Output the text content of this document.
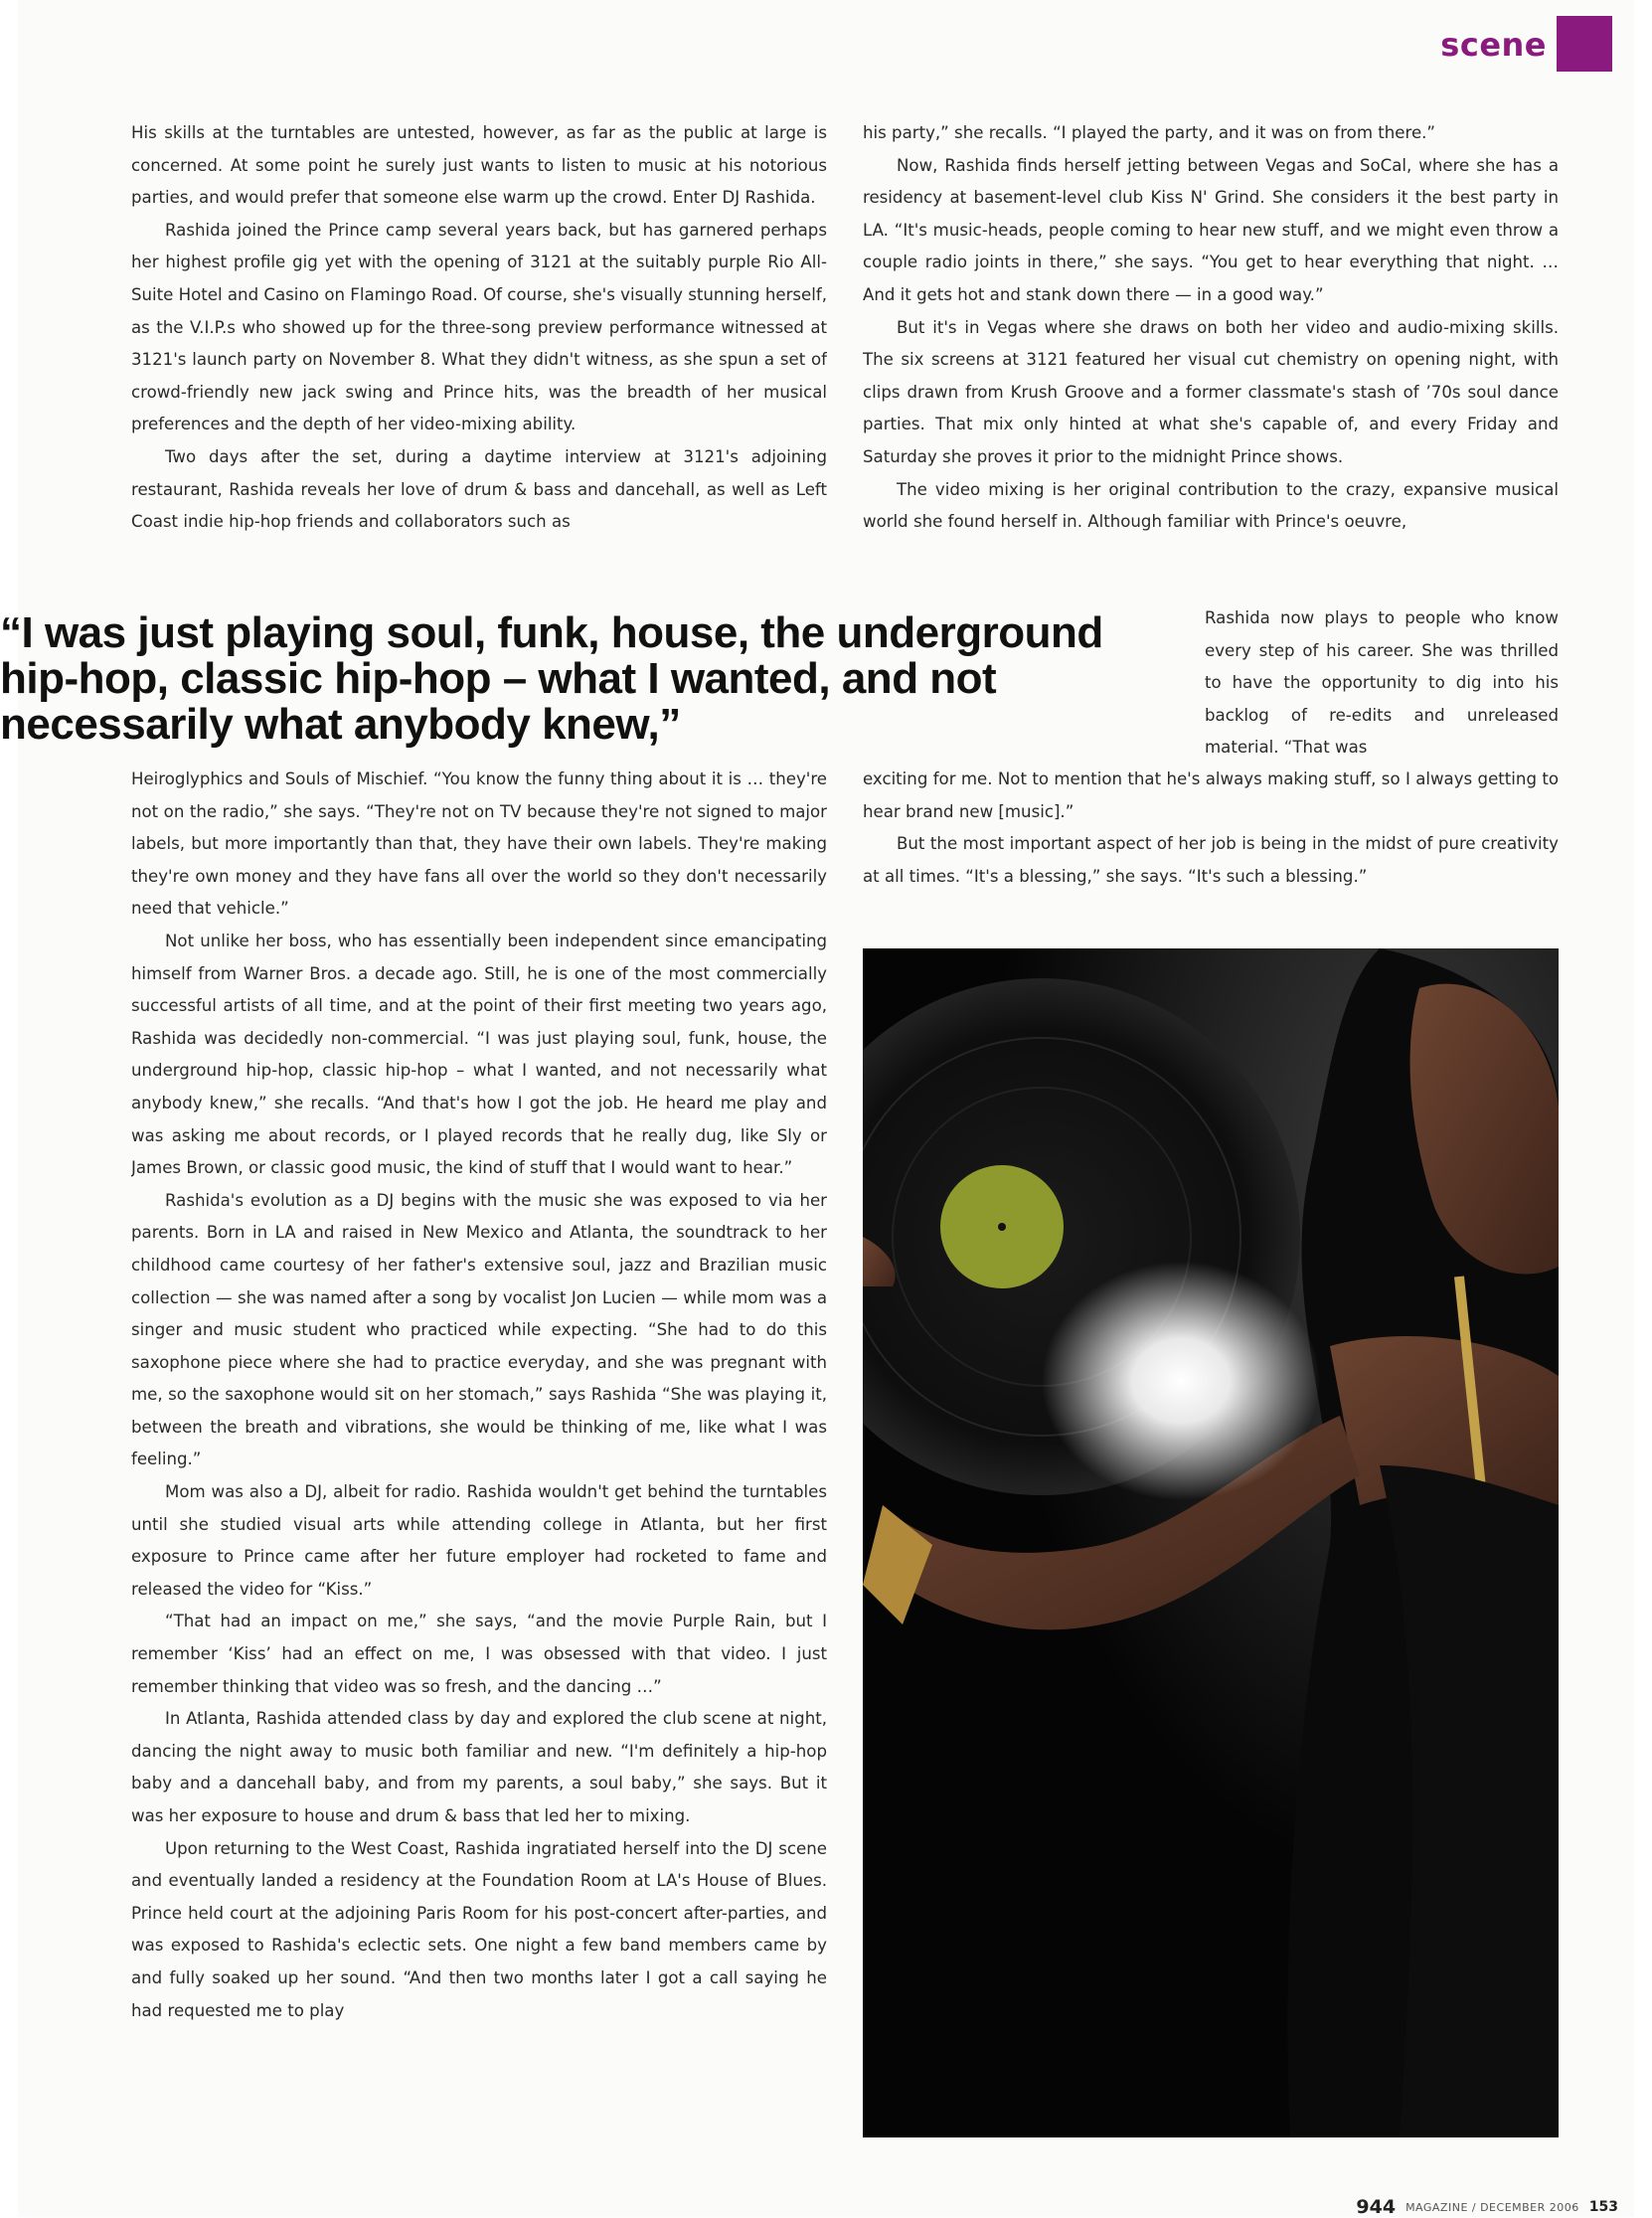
scene

His skills at the turntables are untested, however, as far as the public at large is concerned. At some point he surely just wants to listen to music at his notorious parties, and would prefer that someone else warm up the crowd. Enter DJ Rashida.

Rashida joined the Prince camp several years back, but has garnered perhaps her highest profile gig yet with the opening of 3121 at the suitably purple Rio All-Suite Hotel and Casino on Flamingo Road. Of course, she's visually stunning herself, as the V.I.P.s who showed up for the three-song preview performance witnessed at 3121's launch party on November 8. What they didn't witness, as she spun a set of crowd-friendly new jack swing and Prince hits, was the breadth of her musical preferences and the depth of her video-mixing ability.

Two days after the set, during a daytime interview at 3121's adjoining restaurant, Rashida reveals her love of drum & bass and dancehall, as well as Left Coast indie hip-hop friends and collaborators such as

his party,” she recalls. “I played the party, and it was on from there.”

Now, Rashida finds herself jetting between Vegas and SoCal, where she has a residency at basement-level club Kiss N' Grind. She considers it the best party in LA. “It's music-heads, people coming to hear new stuff, and we might even throw a couple radio joints in there,” she says. “You get to hear everything that night. … And it gets hot and stank down there — in a good way.”

But it's in Vegas where she draws on both her video and audio-mixing skills. The six screens at 3121 featured her visual cut chemistry on opening night, with clips drawn from Krush Groove and a former classmate's stash of ’70s soul dance parties. That mix only hinted at what she's capable of, and every Friday and Saturday she proves it prior to the midnight Prince shows.

The video mixing is her original contribution to the crazy, expansive musical world she found herself in. Although familiar with Prince's oeuvre,

“I was just playing soul, funk, house, the underground hip-hop, classic hip-hop – what I wanted, and not necessarily what anybody knew,”

Rashida now plays to people who know every step of his career. She was thrilled to have the opportunity to dig into his backlog of re-edits and unreleased material. “That was

Heiroglyphics and Souls of Mischief. “You know the funny thing about it is … they're not on the radio,” she says. “They're not on TV because they're not signed to major labels, but more importantly than that, they have their own labels. They're making they're own money and they have fans all over the world so they don't necessarily need that vehicle.”

Not unlike her boss, who has essentially been independent since emancipating himself from Warner Bros. a decade ago. Still, he is one of the most commercially successful artists of all time, and at the point of their first meeting two years ago, Rashida was decidedly non-commercial. “I was just playing soul, funk, house, the underground hip-hop, classic hip-hop – what I wanted, and not necessarily what anybody knew,” she recalls. “And that's how I got the job. He heard me play and was asking me about records, or I played records that he really dug, like Sly or James Brown, or classic good music, the kind of stuff that I would want to hear.”

Rashida's evolution as a DJ begins with the music she was exposed to via her parents. Born in LA and raised in New Mexico and Atlanta, the soundtrack to her childhood came courtesy of her father's extensive soul, jazz and Brazilian music collection — she was named after a song by vocalist Jon Lucien — while mom was a singer and music student who practiced while expecting. “She had to do this saxophone piece where she had to practice everyday, and she was pregnant with me, so the saxophone would sit on her stomach,” says Rashida “She was playing it, between the breath and vibrations, she would be thinking of me, like what I was feeling.”

Mom was also a DJ, albeit for radio. Rashida wouldn't get behind the turntables until she studied visual arts while attending college in Atlanta, but her first exposure to Prince came after her future employer had rocketed to fame and released the video for “Kiss.”

“That had an impact on me,” she says, “and the movie Purple Rain, but I remember ‘Kiss’ had an effect on me, I was obsessed with that video. I just remember thinking that video was so fresh, and the dancing …”

In Atlanta, Rashida attended class by day and explored the club scene at night, dancing the night away to music both familiar and new. “I'm definitely a hip-hop baby and a dancehall baby, and from my parents, a soul baby,” she says. But it was her exposure to house and drum & bass that led her to mixing.

Upon returning to the West Coast, Rashida ingratiated herself into the DJ scene and eventually landed a residency at the Foundation Room at LA's House of Blues. Prince held court at the adjoining Paris Room for his post-concert after-parties, and was exposed to Rashida's eclectic sets. One night a few band members came by and fully soaked up her sound. “And then two months later I got a call saying he had requested me to play

exciting for me. Not to mention that he's always making stuff, so I always getting to hear brand new [music].”

But the most important aspect of her job is being in the midst of pure creativity at all times. “It's a blessing,” she says. “It's such a blessing.”

944 MAGAZINE / DECEMBER 2006 153
